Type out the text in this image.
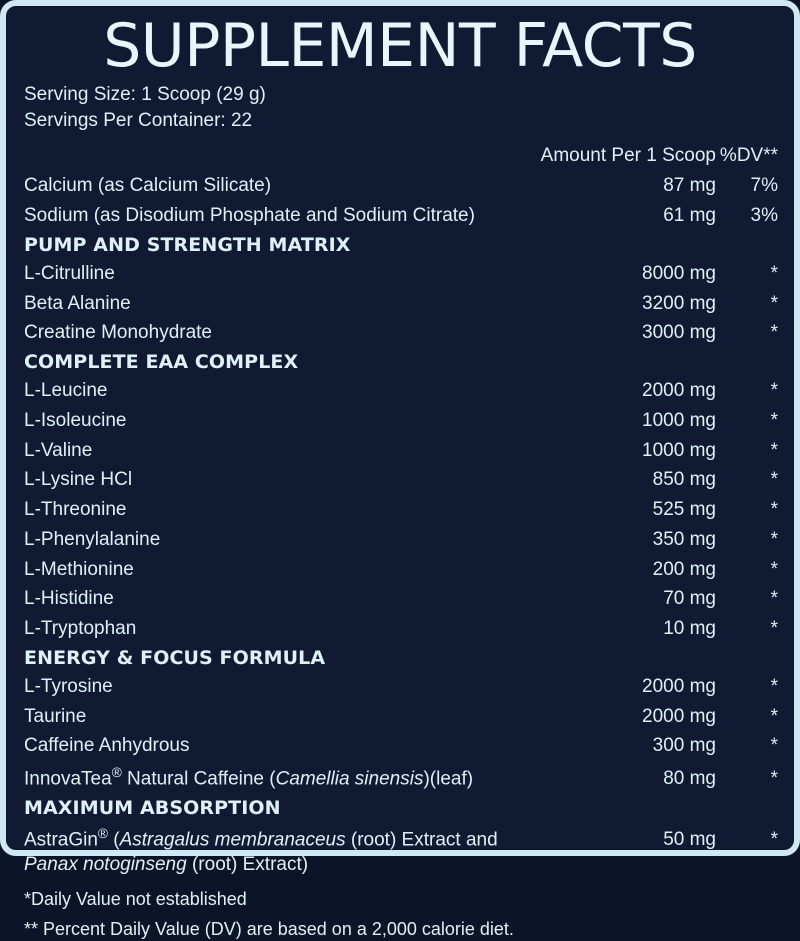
SUPPLEMENT FACTS
Serving Size: 1 Scoop (29 g)
Servings Per Container: 22
Amount Per 1 Scoop %DV**
Calcium (as Calcium Silicate)	87 mg	7%
Sodium (as Disodium Phosphate and Sodium Citrate)	61 mg	3%
PUMP AND STRENGTH MATRIX
L-Citrulline	8000 mg	*
Beta Alanine	3200 mg	*
Creatine Monohydrate	3000 mg	*
COMPLETE EAA COMPLEX
L-Leucine	2000 mg	*
L-Isoleucine	1000 mg	*
L-Valine	1000 mg	*
L-Lysine HCl	850 mg	*
L-Threonine	525 mg	*
L-Phenylalanine	350 mg	*
L-Methionine	200 mg	*
L-Histidine	70 mg	*
L-Tryptophan	10 mg	*
ENERGY & FOCUS FORMULA
L-Tyrosine	2000 mg	*
Taurine	2000 mg	*
Caffeine Anhydrous	300 mg	*
InnovaTea® Natural Caffeine (Camellia sinensis)(leaf)	80 mg	*
MAXIMUM ABSORPTION
AstraGin® (Astragalus membranaceus (root) Extract and
Panax notoginseng (root) Extract)
50 mg	*
*Daily Value not established
** Percent Daily Value (DV) are based on a 2,000 calorie diet.
